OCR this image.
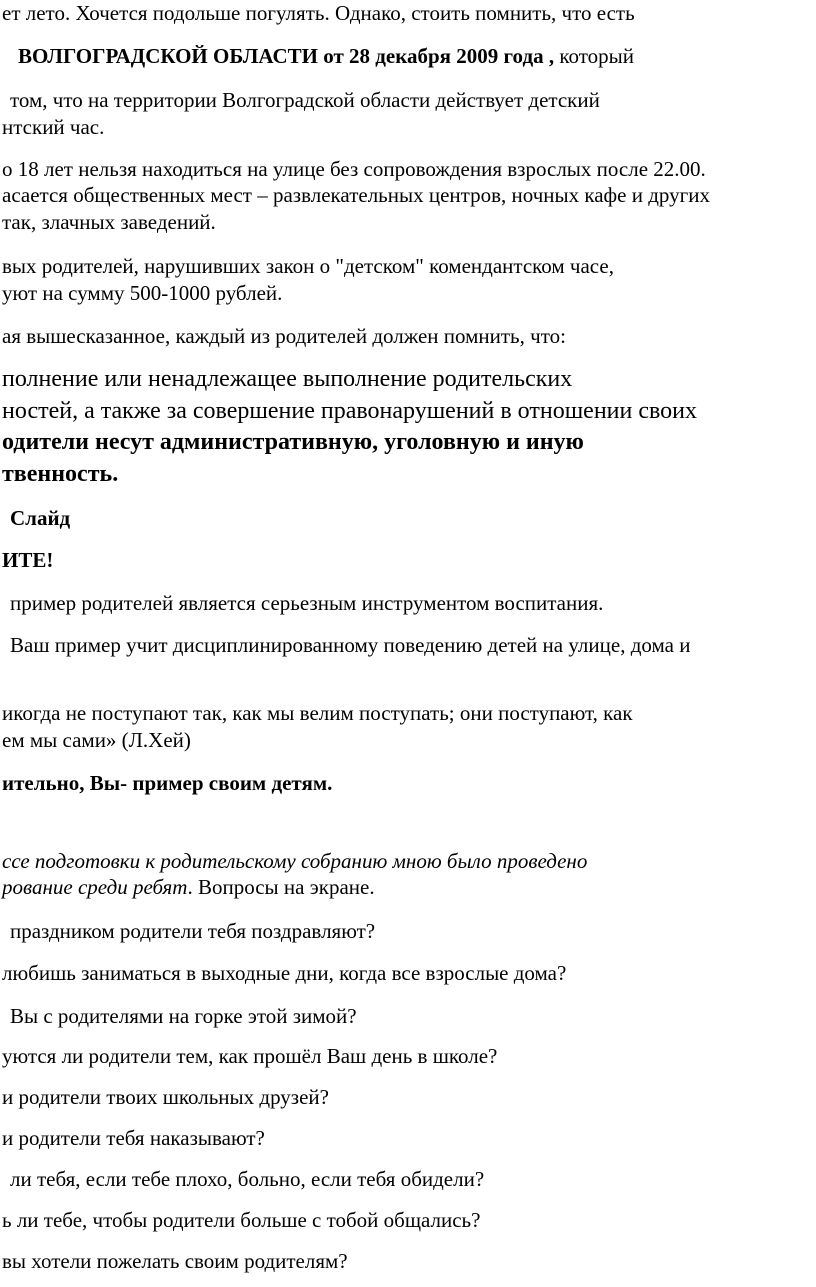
ет лето. Хочется подольше погулять. Однако, стоить помнить, что есть

ВОЛГОГРАДСКОЙ ОБЛАСТИ от 28 декабря 2009 года , который

том, что на территории Волгоградской области действует детский

нтский час.

о 18 лет нельзя находиться на улице без сопровождения взрослых после 22.00.

асается общественных мест – развлекательных центров, ночных кафе и других

так, злачных заведений.

вых родителей, нарушивших закон о "детском" комендантском часе,

уют на сумму 500-1000 рублей.

ая вышесказанное, каждый из родителей должен помнить, что:

полнение или ненадлежащее выполнение родительских

ностей, а также за совершение правонарушений в отношении своих

одители несут административную, уголовную и иную

твенность.

Слайд

ИТЕ!

пример родителей является серьезным инструментом воспитания.

Ваш пример учит дисциплинированному поведению детей на улице, дома и

икогда не поступают так, как мы велим поступать; они поступают, как

ем мы сами» (Л.Хей)

ительно, Вы- пример своим детям.

ссе подготовки к родительскому собранию мною было проведено

рование среди ребят. Вопросы на экране.

праздником родители тебя поздравляют?

любишь заниматься в выходные дни, когда все взрослые дома?

Вы с родителями на горке этой зимой?

уются ли родители тем, как прошёл Ваш день в школе?

и родители твоих школьных друзей?

и родители тебя наказывают?

ли тебя, если тебе плохо, больно, если тебя обидели?

ь ли тебе, чтобы родители больше с тобой общались?

вы хотели пожелать своим родителям?
